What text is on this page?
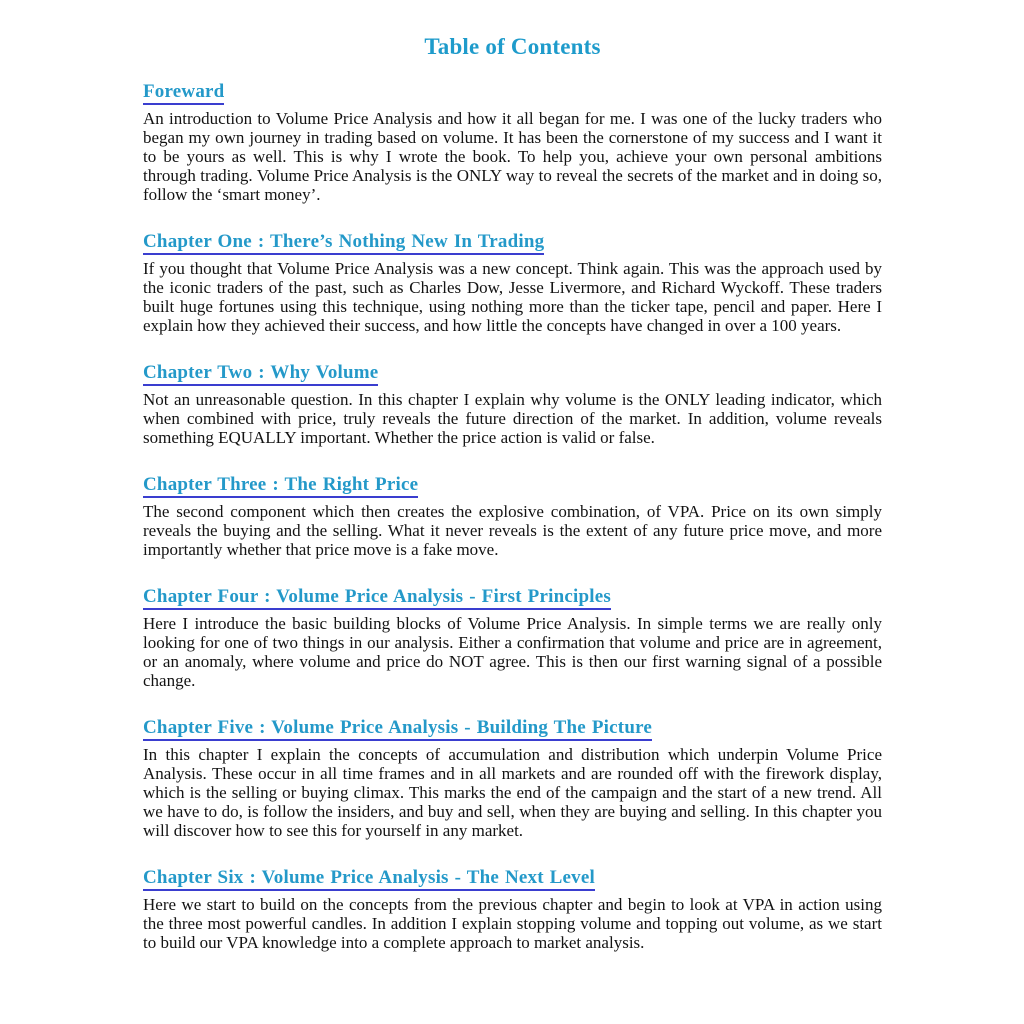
Table of Contents
Foreward

An introduction to Volume Price Analysis and how it all began for me. I was one of the lucky traders who began my own journey in trading based on volume. It has been the cornerstone of my success and I want it to be yours as well. This is why I wrote the book. To help you, achieve your own personal ambitions through trading. Volume Price Analysis is the ONLY way to reveal the secrets of the market and in doing so, follow the ‘smart money’.

Chapter One : There’s Nothing New In Trading

If you thought that Volume Price Analysis was a new concept. Think again. This was the approach used by the iconic traders of the past, such as Charles Dow, Jesse Livermore, and Richard Wyckoff. These traders built huge fortunes using this technique, using nothing more than the ticker tape, pencil and paper. Here I explain how they achieved their success, and how little the concepts have changed in over a 100 years.

Chapter Two : Why Volume

Not an unreasonable question. In this chapter I explain why volume is the ONLY leading indicator, which when combined with price, truly reveals the future direction of the market. In addition, volume reveals something EQUALLY important. Whether the price action is valid or false.

Chapter Three : The Right Price

The second component which then creates the explosive combination, of VPA. Price on its own simply reveals the buying and the selling. What it never reveals is the extent of any future price move, and more importantly whether that price move is a fake move.

Chapter Four : Volume Price Analysis - First Principles

Here I introduce the basic building blocks of Volume Price Analysis. In simple terms we are really only looking for one of two things in our analysis. Either a confirmation that volume and price are in agreement, or an anomaly, where volume and price do NOT agree. This is then our first warning signal of a possible change.

Chapter Five : Volume Price Analysis - Building The Picture

In this chapter I explain the concepts of accumulation and distribution which underpin Volume Price Analysis. These occur in all time frames and in all markets and are rounded off with the firework display, which is the selling or buying climax. This marks the end of the campaign and the start of a new trend. All we have to do, is follow the insiders, and buy and sell, when they are buying and selling. In this chapter you will discover how to see this for yourself in any market.

Chapter Six : Volume Price Analysis - The Next Level

Here we start to build on the concepts from the previous chapter and begin to look at VPA in action using the three most powerful candles. In addition I explain stopping volume and topping out volume, as we start to build our VPA knowledge into a complete approach to market analysis.
